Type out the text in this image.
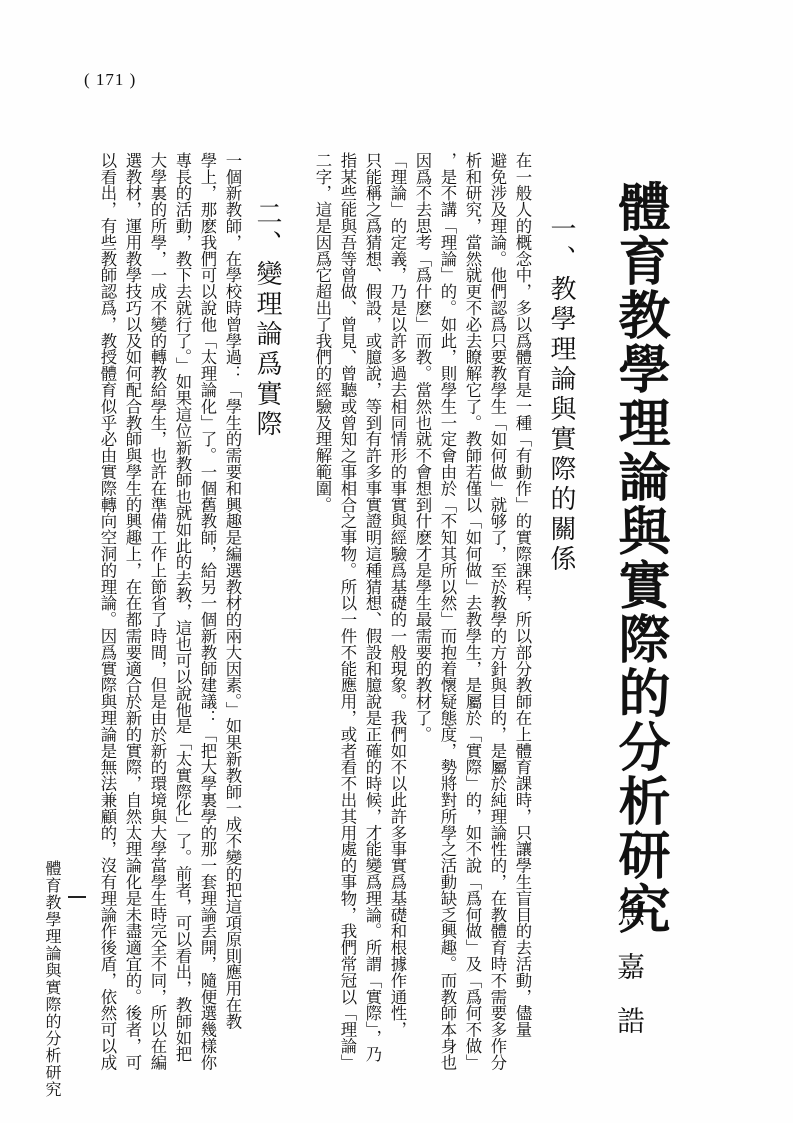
( 171 )
體育教學理論與實際的分析研究
焦嘉誥
一、教學理論與實際的關係
在一般人的概念中，多以爲體育是一種「有動作」的實際課程，所以部分教師在上體育課時，只讓學生盲目的去活動，儘量
避免涉及理論。他們認爲只要教學生「如何做」就够了，至於教學的方針與目的，是屬於純理論性的，在教體育時不需要多作分
析和研究，當然就更不必去瞭解它了。教師若僅以「如何做」去教學生，是屬於「實際」的，如不說「爲何做」及「爲何不做」
，是不講「理論」的。如此，則學生一定會由於「不知其所以然」而抱着懷疑態度，勢將對所學之活動缺乏興趣。而教師本身也
因爲不去思考「爲什麽」而教。當然也就不會想到什麽才是學生最需要的教材了。
「理論」的定義，乃是以許多過去相同情形的事實與經驗爲基礎的一般現象。我們如不以此許多事實爲基礎和根據作通性，
只能稱之爲猜想、假設，或臆說，等到有許多事實證明這種猜想、假設和臆說是正確的時候，才能變爲理論。所謂「實際」，乃
指某些能與吾等曾做、曾見、曾聽或曾知之事相合之事物。所以一件不能應用，或者看不出其用處的事物，我們常冠以「理論」
二字，這是因爲它超出了我們的經驗及理解範圍。
二、變理論爲實際
一個新教師，在學校時曾學過：「學生的需要和興趣是編選教材的兩大因素。」如果新教師一成不變的把這項原則應用在教
學上，那麽我們可以說他「太理論化」了。一個舊教師，給另一個新教師建議：「把大學裏學的那一套理論丢開，隨便選幾樣你
專長的活動，教下去就行了。」如果這位新教師也就如此的去教，這也可以說他是「太實際化」了。前者，可以看出，教師如把
大學裏的所學，一成不變的轉教給學生，也許在準備工作上節省了時間，但是由於新的環境與大學當學生時完全不同，所以在編
選教材，運用教學技巧以及如何配合教師與學生的興趣上，在在都需要適合於新的實際，自然太理論化是未盡適宜的。後者，可
以看出，有些教師認爲，教授體育似乎必由實際轉向空洞的理論。因爲實際與理論是無法兼顧的，沒有理論作後盾，依然可以成
體育教學理論與實際的分析研究
